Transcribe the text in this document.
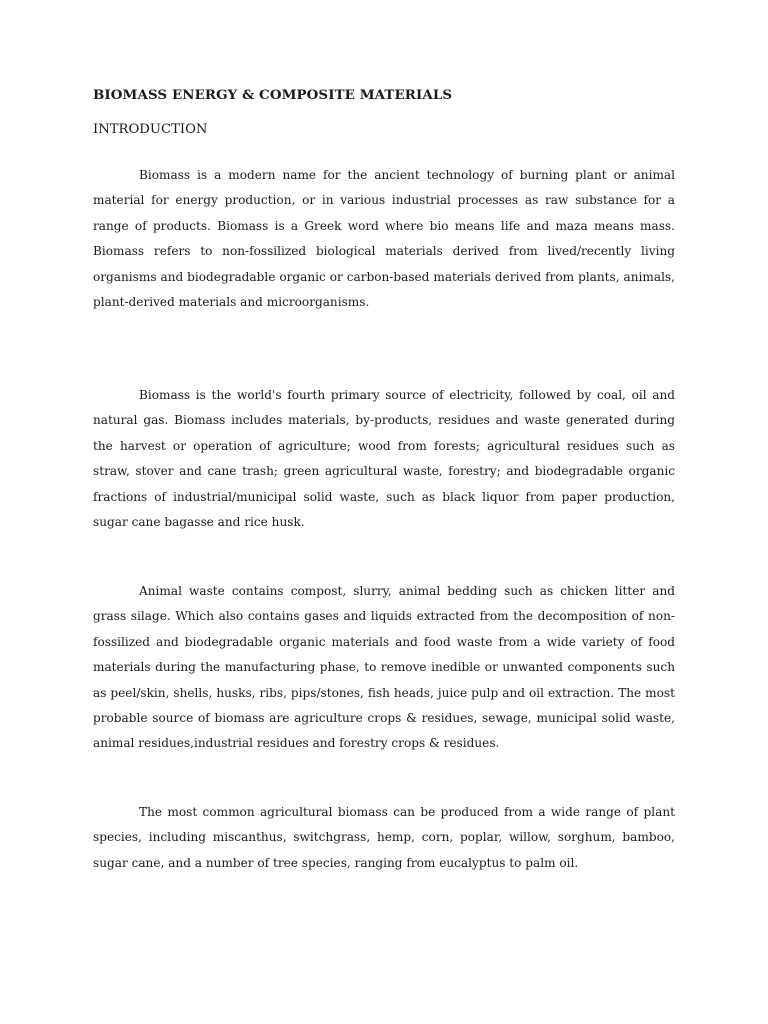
BIOMASS ENERGY & COMPOSITE MATERIALS
INTRODUCTION

Biomass is a modern name for the ancient technology of burning plant or animal material for energy production, or in various industrial processes as raw substance for a range of products. Biomass is a Greek word where bio means life and maza means mass. Biomass refers to non-fossilized biological materials derived from lived/recently living organisms and biodegradable organic or carbon-based materials derived from plants, animals, plant-derived materials and microorganisms.

Biomass is the world's fourth primary source of electricity, followed by coal, oil and natural gas. Biomass includes materials, by-products, residues and waste generated during the harvest or operation of agriculture; wood from forests; agricultural residues such as straw, stover and cane trash; green agricultural waste, forestry; and biodegradable organic fractions of industrial/municipal solid waste, such as black liquor from paper production, sugar cane bagasse and rice husk.

Animal waste contains compost, slurry, animal bedding such as chicken litter and grass silage. Which also contains gases and liquids extracted from the decomposition of non-fossilized and biodegradable organic materials and food waste from a wide variety of food materials during the manufacturing phase, to remove inedible or unwanted components such as peel/skin, shells, husks, ribs, pips/stones, fish heads, juice pulp and oil extraction. The most probable source of biomass are agriculture crops & residues, sewage, municipal solid waste, animal residues,industrial residues and forestry crops & residues.

The most common agricultural biomass can be produced from a wide range of plant species, including miscanthus, switchgrass, hemp, corn, poplar, willow, sorghum, bamboo, sugar cane, and a number of tree species, ranging from eucalyptus to palm oil.
